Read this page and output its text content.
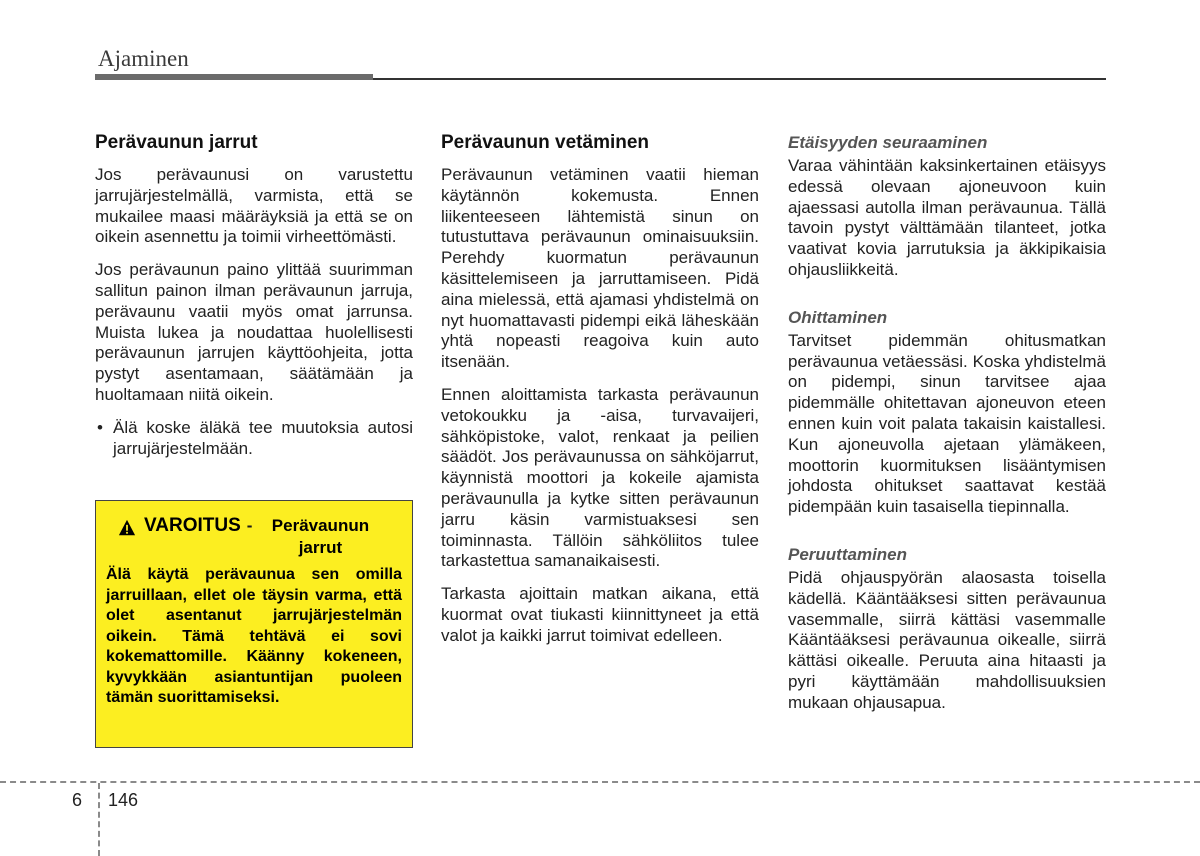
Ajaminen
Perävaunun jarrut

Jos perävaunusi on varustettu jarrujärjestelmällä, varmista, että se mukailee maasi määräyksiä ja että se on oikein asennettu ja toimii virheettömästi.

Jos perävaunun paino ylittää suurimman sallitun painon ilman perävaunun jarruja, perävaunu vaatii myös omat jarrunsa. Muista lukea ja noudattaa huolellisesti perävaunun jarrujen käyttöohjeita, jotta pystyt asentamaan, säätämään ja huoltamaan niitä oikein.

• Älä koske äläkä tee muutoksia autosi jarrujärjestelmään.
VAROITUS -	Perävaunun jarrut
Älä käytä perävaunua sen omilla jarruillaan, ellet ole täysin varma, että olet asentanut jarrujärjestelmän oikein. Tämä tehtävä ei sovi kokemattomille. Käänny kokeneen, kyvykkään asiantuntijan puoleen tämän suorittamiseksi.
Perävaunun vetäminen

Perävaunun vetäminen vaatii hieman käytännön kokemusta. Ennen liikenteeseen lähtemistä sinun on tutustuttava perävaunun ominaisuuksiin. Perehdy kuormatun perävaunun käsittelemiseen ja jarruttamiseen. Pidä aina mielessä, että ajamasi yhdistelmä on nyt huomattavasti pidempi eikä läheskään yhtä nopeasti reagoiva kuin auto itsenään.

Ennen aloittamista tarkasta perävaunun vetokoukku ja -aisa, turvavaijeri, sähköpistoke, valot, renkaat ja peilien säädöt. Jos perävaunussa on sähköjarrut, käynnistä moottori ja kokeile ajamista perävaunulla ja kytke sitten perävaunun jarru käsin varmistuaksesi sen toiminnasta. Tällöin sähköliitos tulee tarkastettua samanaikaisesti.

Tarkasta ajoittain matkan aikana, että kuormat ovat tiukasti kiinnittyneet ja että valot ja kaikki jarrut toimivat edelleen.

Etäisyyden seuraaminen

Varaa vähintään kaksinkertainen etäisyys edessä olevaan ajoneuvoon kuin ajaessasi autolla ilman perävaunua. Tällä tavoin pystyt välttämään tilanteet, jotka vaativat kovia jarrutuksia ja äkkipikaisia ohjausliikkeitä.

Ohittaminen

Tarvitset pidemmän ohitusmatkan perävaunua vetäessäsi. Koska yhdistelmä on pidempi, sinun tarvitsee ajaa pidemmälle ohitettavan ajoneuvon eteen ennen kuin voit palata takaisin kaistallesi. Kun ajoneuvolla ajetaan ylämäkeen, moottorin kuormituksen lisääntymisen johdosta ohitukset saattavat kestää pidempään kuin tasaisella tiepinnalla.

Peruuttaminen

Pidä ohjauspyörän alaosasta toisella kädellä. Kääntääksesi sitten perävaunua vasemmalle, siirrä kättäsi vasemmalle Kääntääksesi perävaunua oikealle, siirrä kättäsi oikealle. Peruuta aina hitaasti ja pyri käyttämään mahdollisuuksien mukaan ohjausapua.

6 146
